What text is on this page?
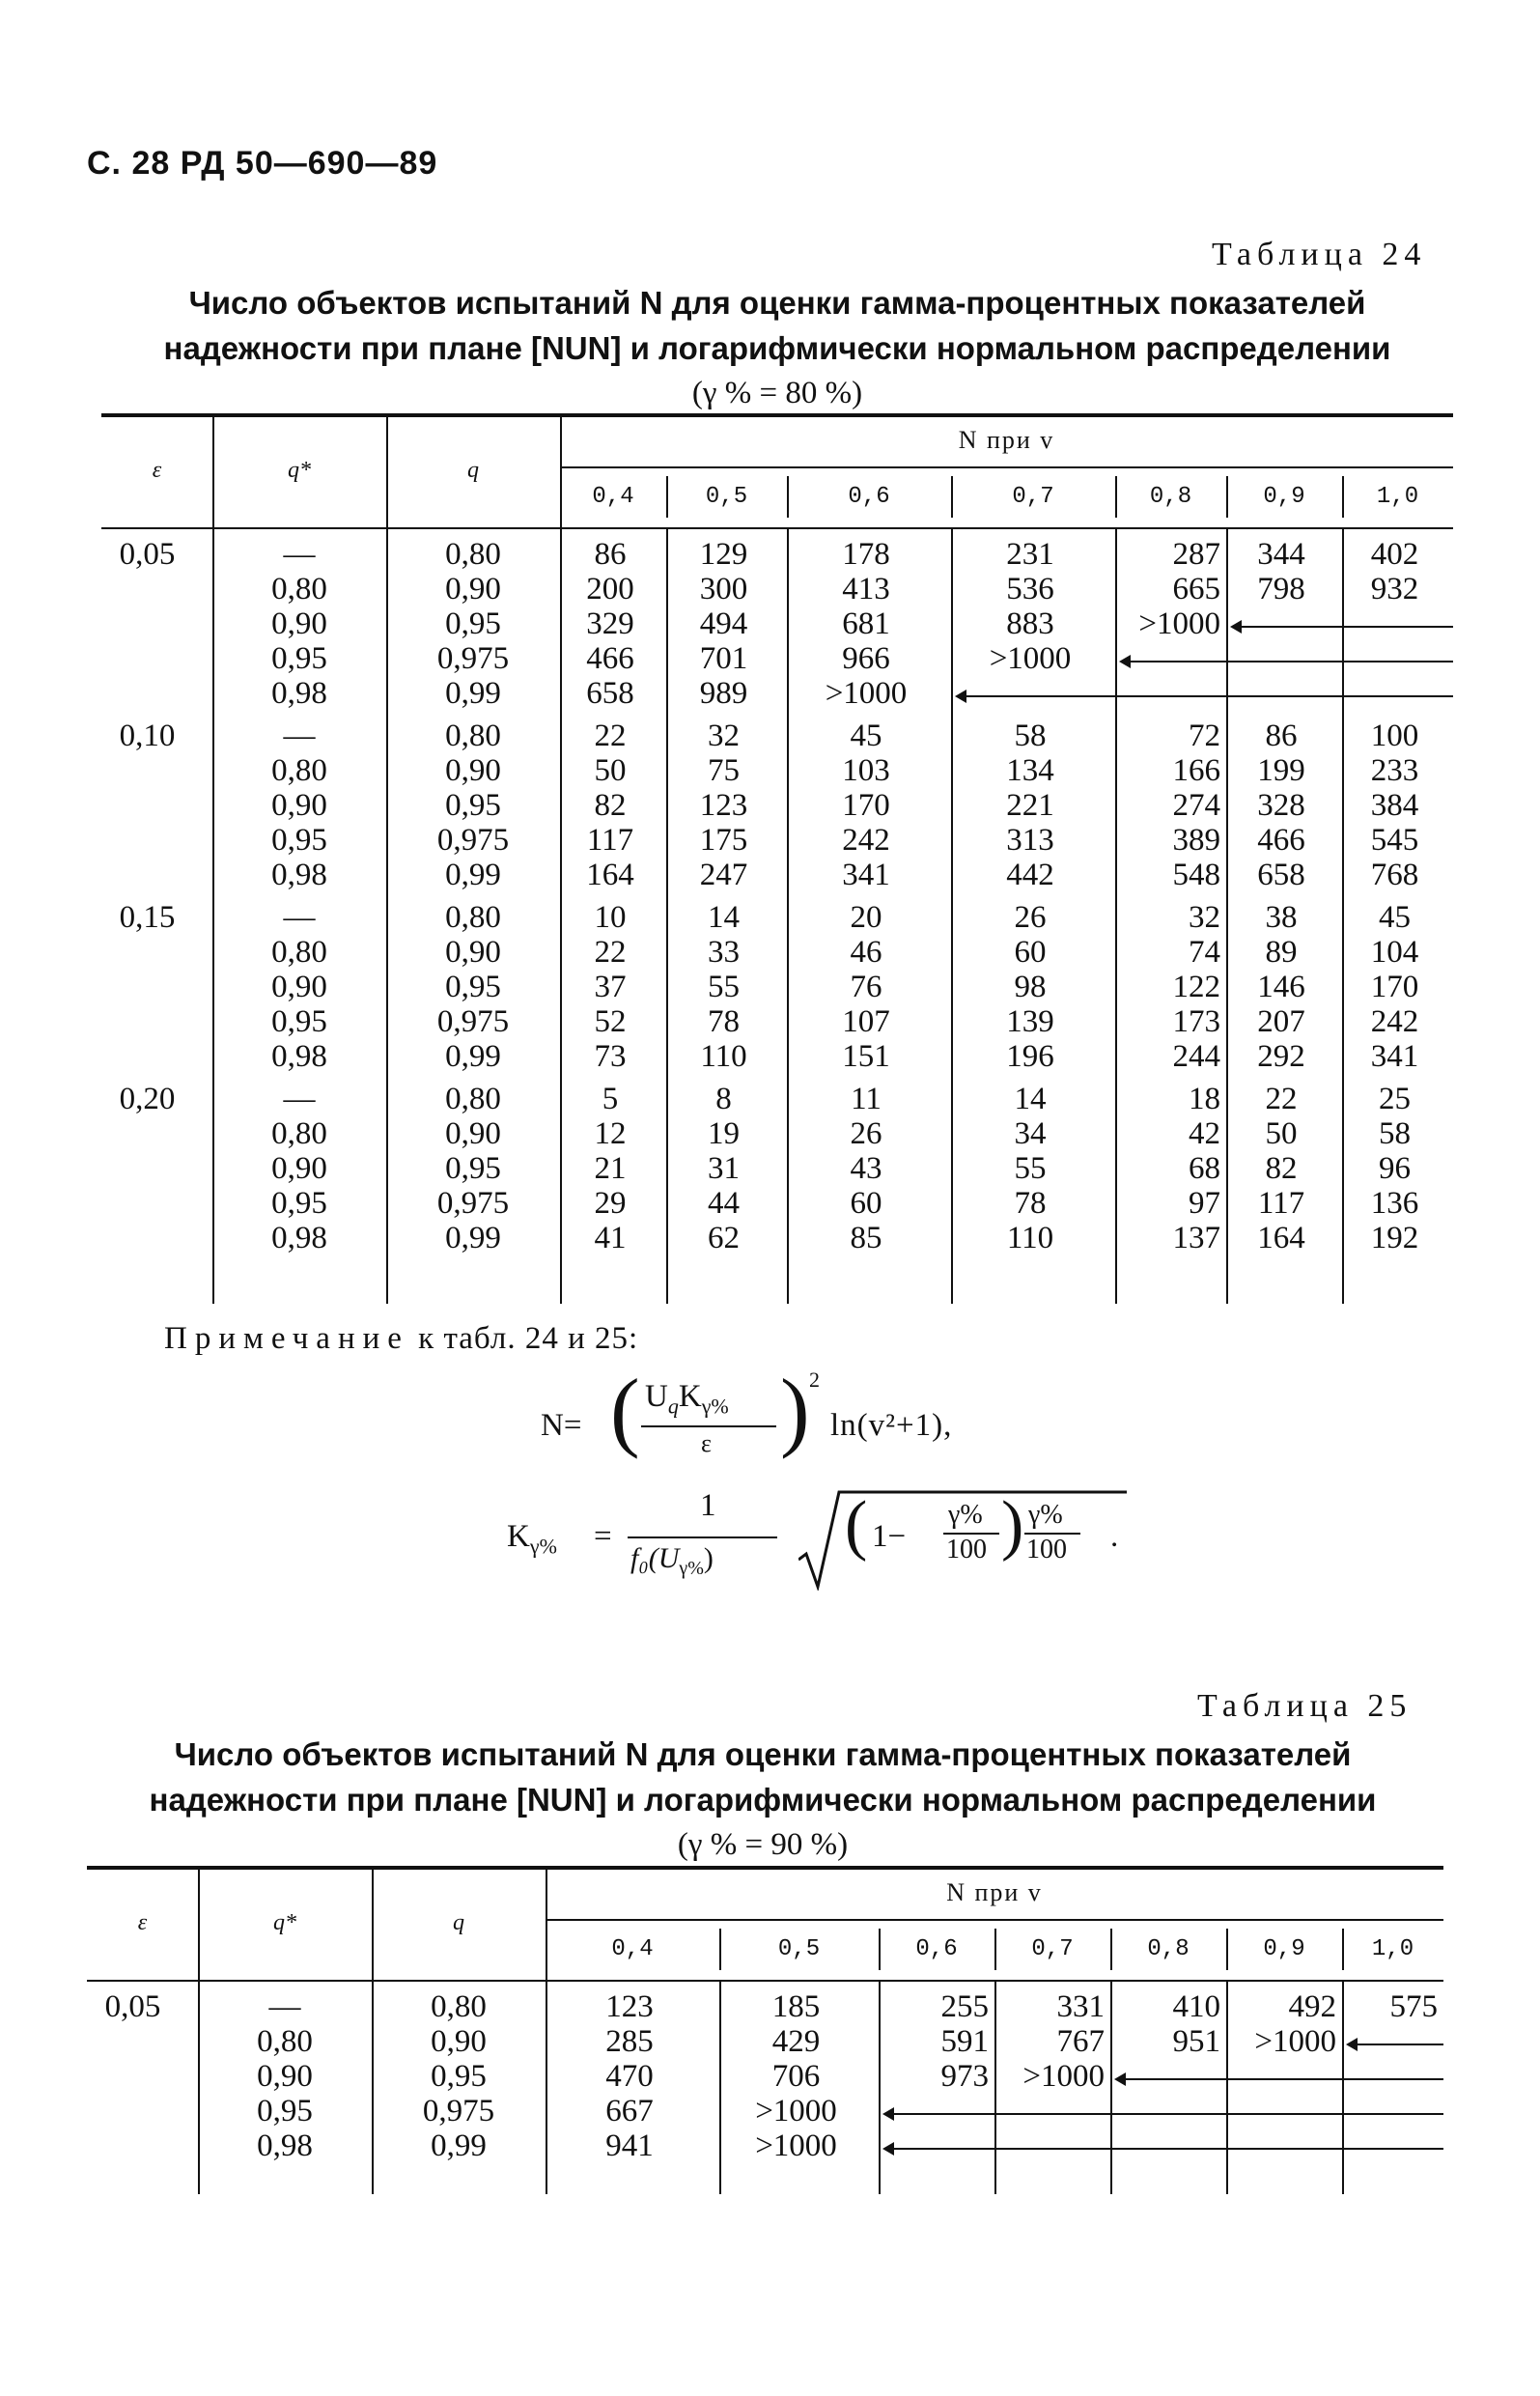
С. 28 РД 50—690—89
Таблица 24
Число объектов испытаний N для оценки гамма-процентных показателей
надежности при плане [NUN] и логарифмически нормальном распределении
(γ % = 80 %)
ε	q*	q
N при v
0,4	0,5	0,6	0,7	0,8	0,9	1,0
0,05	—	0,80	86	129	178	231	287	344	402
0,80	0,90	200	300	413	536	665	798	932
0,90	0,95	329	494	681	883	>1000
0,95	0,975	466	701	966	>1000
0,98	0,99	658	989	>1000
0,10	—	0,80	22	32	45	58	72	86	100
0,80	0,90	50	75	103	134	166	199	233
0,90	0,95	82	123	170	221	274	328	384
0,95	0,975	117	175	242	313	389	466	545
0,98	0,99	164	247	341	442	548	658	768
0,15	—	0,80	10	14	20	26	32	38	45
0,80	0,90	22	33	46	60	74	89	104
0,90	0,95	37	55	76	98	122	146	170
0,95	0,975	52	78	107	139	173	207	242
0,98	0,99	73	110	151	196	244	292	341
0,20	—	0,80	5	8	11	14	18	22	25
0,80	0,90	12	19	26	34	42	50	58
0,90	0,95	21	31	43	55	68	82	96
0,95	0,975	29	44	60	78	97	117	136
0,98	0,99	41	62	85	110	137	164	192
Примечание к табл. 24 и 25:
N= ( $U_qK_{\gamma\%}$
ε ) 2
ln(v²+1),
$K_{\gamma\%}$ =
1
$f_0(U_{\gamma\%})$ ( 1−
γ%
100 ) γ%
100 .
Таблица 25
Число объектов испытаний N для оценки гамма-процентных показателей
надежности при плане [NUN] и логарифмически нормальном распределении
(γ % = 90 %)
ε	q*	q
N при v
0,4	0,5	0,6	0,7	0,8	0,9	1,0
0,05	—	0,80	123	185	255	331	410	492	575
0,80	0,90	285	429	591	767	951	>1000
0,90	0,95	470	706	973	>1000
0,95	0,975	667	>1000
0,98	0,99	941	>1000
